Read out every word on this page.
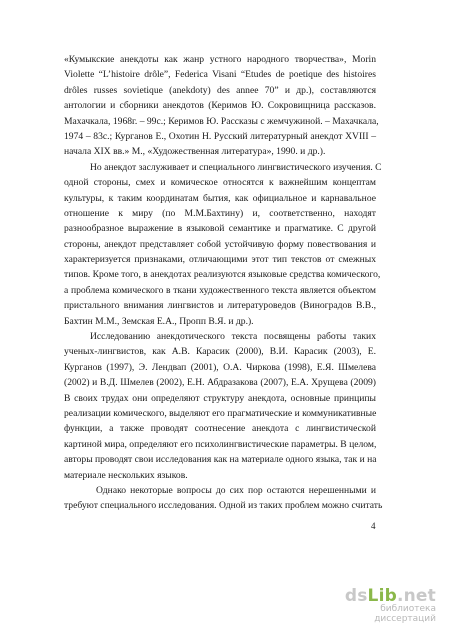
«Кумыкские анекдоты как жанр устного народного творчества», Morin
Violette “L’histoire drôle”, Federica Visani “Etudes de poetique des histoires
drôles russes sovietique (anekdoty) des annee 70” и др.), составляются
антологии и сборники анекдотов (Керимов Ю. Сокровищница рассказов.
Махачкала, 1968г. – 99с.; Керимов Ю. Рассказы с жемчужиной. – Махачкала,
1974 – 83с.; Курганов Е., Охотин Н. Русский литературный анекдот XVIII –
начала XIX вв.» М., «Художественная литература», 1990. и др.).
Но анекдот заслуживает и специального лингвистического изучения. С
одной стороны, смех и комическое относятся к важнейшим концептам
культуры, к таким координатам бытия, как официальное и карнавальное
отношение к миру (по М.М.Бахтину) и, соответственно, находят
разнообразное выражение в языковой семантике и прагматике. С другой
стороны, анекдот представляет собой устойчивую форму повествования и
характеризуется признаками, отличающими этот тип текстов от смежных
типов. Кроме того, в анекдотах реализуются языковые средства комического,
а проблема комического в ткани художественного текста является объектом
пристального внимания лингвистов и литературоведов (Виноградов В.В.,
Бахтин М.М., Земская Е.А., Пропп В.Я. и др.).
Исследованию анекдотического текста посвящены работы таких
ученых-лингвистов, как А.В. Карасик (2000), В.И. Карасик (2003), Е.
Курганов (1997), Э. Лендвап (2001), О.А. Чиркова (1998), Е.Я. Шмелева
(2002) и В.Д. Шмелев (2002), Е.Н. Абдразакова (2007), Е.А. Хрущева (2009)
В своих трудах они определяют структуру анекдота, основные принципы
реализации комического, выделяют его прагматические и коммуникативные
функции, а также проводят соотнесение анекдота с лингвистической
картиной мира, определяют его психолингвистические параметры. В целом,
авторы проводят свои исследования как на материале одного языка, так и на
материале нескольких языков.
Однако некоторые вопросы до сих пор остаются нерешенными и
требуют специального исследования. Одной из таких проблем можно считать
4
dsLib.net
библиотека диссертаций
